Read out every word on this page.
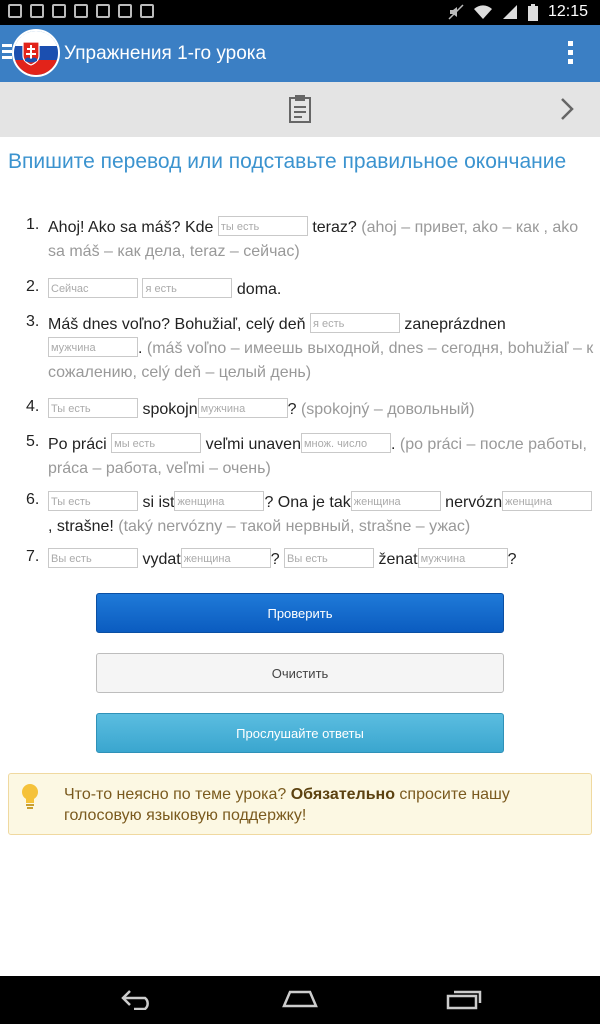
12:15
Упражнения 1-го урока
Впишите перевод или подставьте правильное окончание
1. Ahoj! Ako sa máš? Kde ты есть	teraz? (ahoj – привет, ako – как , ako sa máš – как дела, teraz – сейчас)
2. Сейчас	я есть	doma.
3. Máš dnes voľno? Bohužiaľ, celý deň я есть	zaneprázdnen мужчина	. (máš voľno – имеешь выходной, dnes – сегодня, bohužiaľ – к сожалению, celý deň – целый день)
4. Ты есть	spokojn мужчина	? (spokojný – довольный)
5. Po práci мы есть	veľmi unaven множ. число . (po práci – после работы, práca – работа, veľmi – очень)
6. Ты есть	si ist женщина	? Ona je tak женщина	nervózn женщина, strašne! (taký nervózny – такой нервный, strašne – ужас)
7. Вы есть	vydat женщина	? Вы есть	ženat мужчина	?
Проверить
Очистить
Прослушайте ответы
Что-то неясно по теме урока? Обязательно спросите нашу голосовую языковую поддержку!
